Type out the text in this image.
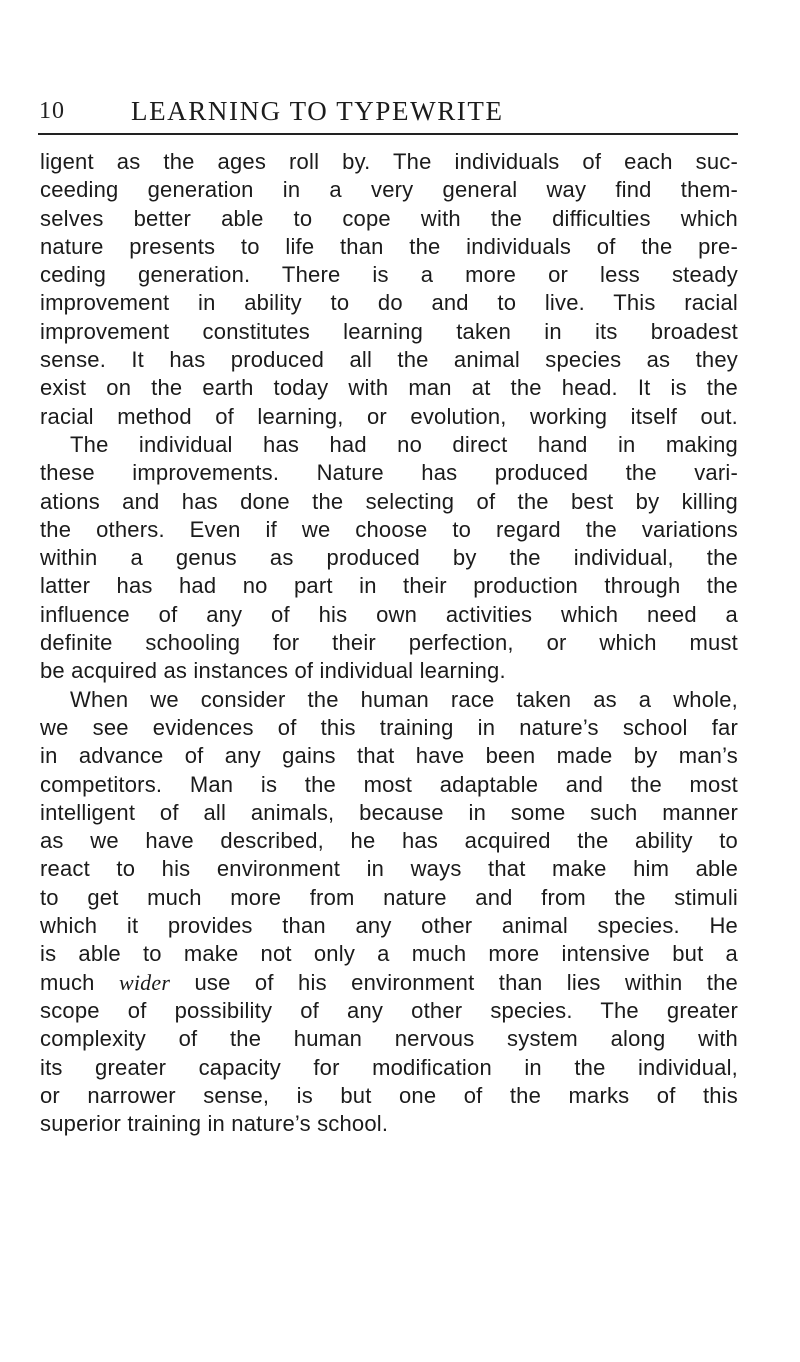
10 LEARNING TO TYPEWRITE
ligent as the ages roll by. The individuals of each suc-
ceeding generation in a very general way find them-
selves better able to cope with the difficulties which
nature presents to life than the individuals of the pre-
ceding generation. There is a more or less steady
improvement in ability to do and to live. This racial
improvement constitutes learning taken in its broadest
sense. It has produced all the animal species as they
exist on the earth today with man at the head. It is the
racial method of learning, or evolution, working itself out.
The individual has had no direct hand in making
these improvements. Nature has produced the vari-
ations and has done the selecting of the best by killing
the others. Even if we choose to regard the variations
within a genus as produced by the individual, the
latter has had no part in their production through the
influence of any of his own activities which need a
definite schooling for their perfection, or which must
be acquired as instances of individual learning.
When we consider the human race taken as a whole,
we see evidences of this training in nature’s school far
in advance of any gains that have been made by man’s
competitors. Man is the most adaptable and the most
intelligent of all animals, because in some such manner
as we have described, he has acquired the ability to
react to his environment in ways that make him able
to get much more from nature and from the stimuli
which it provides than any other animal species. He
is able to make not only a much more intensive but a
much wider use of his environment than lies within the
scope of possibility of any other species. The greater
complexity of the human nervous system along with
its greater capacity for modification in the individual,
or narrower sense, is but one of the marks of this
superior training in nature’s school.
